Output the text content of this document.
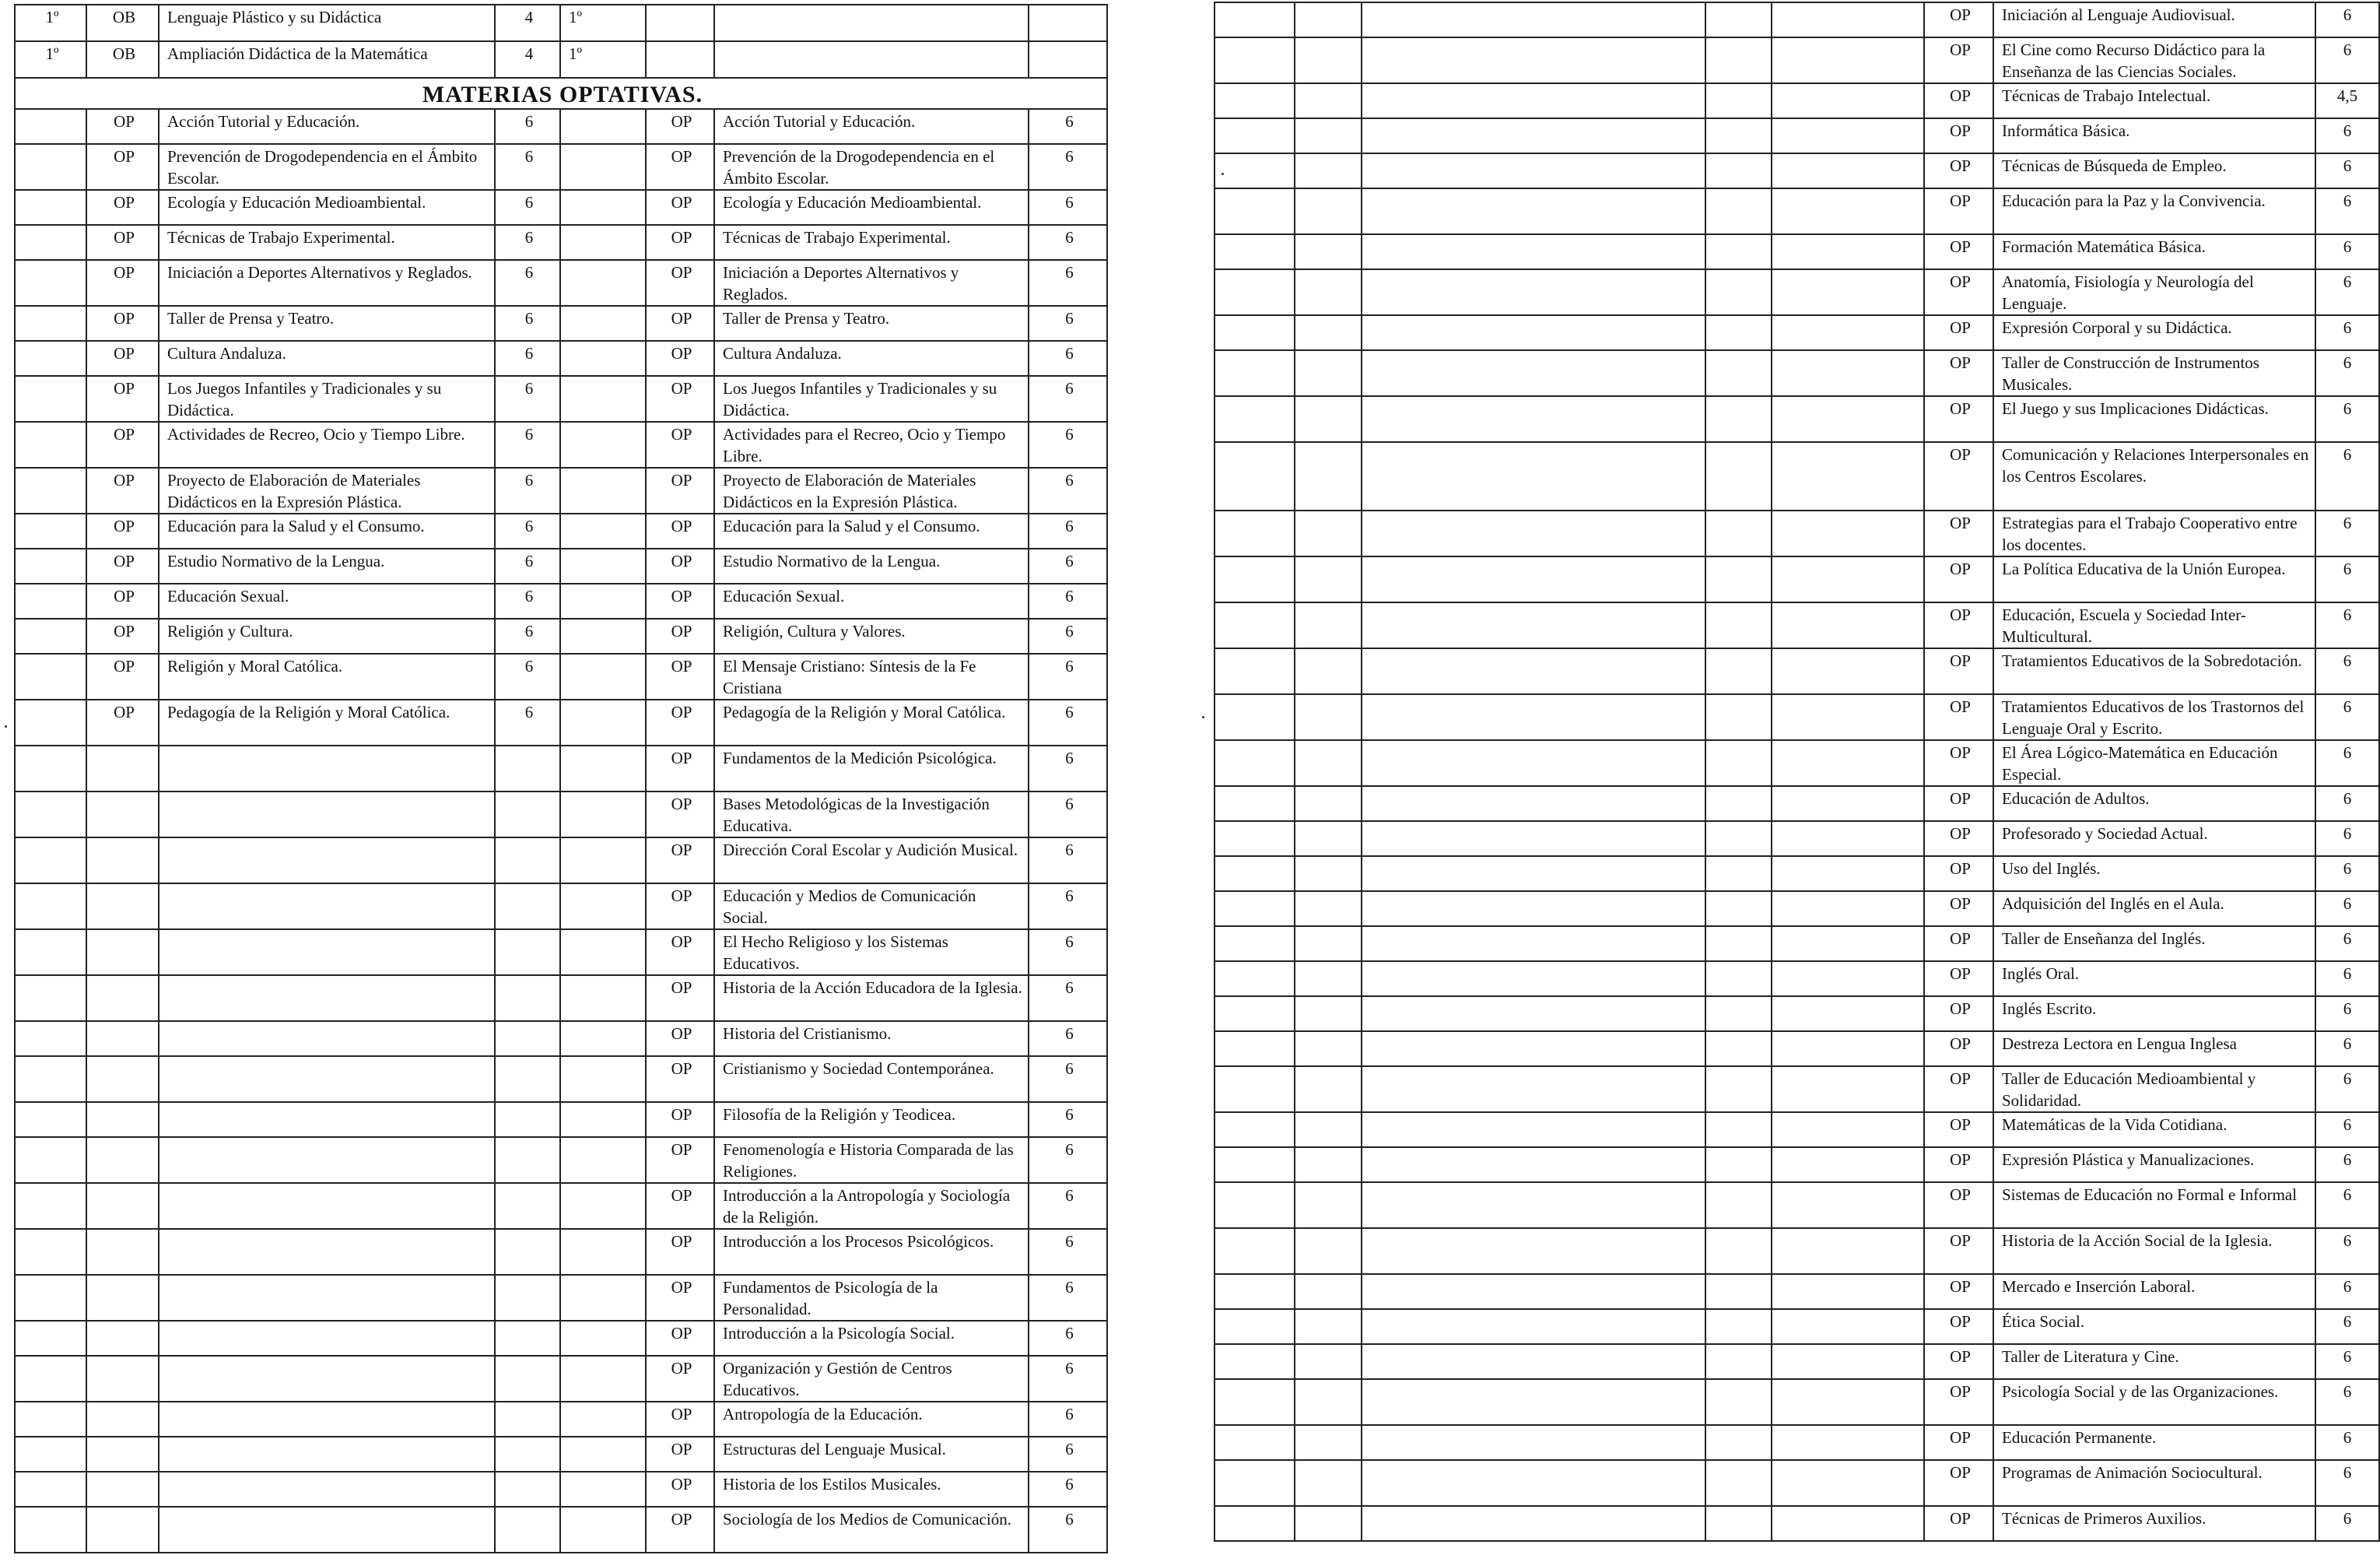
1º	OB	Lenguaje Plástico y su Didáctica	4	1º			
1º	OB	Ampliación Didáctica de la Matemática	4	1º			
MATERIAS OPTATIVAS.							
	OP	Acción Tutorial y Educación.	6		OP	Acción Tutorial y Educación.	6
	OP	Prevención de Drogodependencia en el Ámbito Escolar.	6		OP	Prevención de la Drogodependencia en el Ámbito Escolar.	6
	OP	Ecología y Educación Medioambiental.	6		OP	Ecología y Educación Medioambiental.	6
	OP	Técnicas de Trabajo Experimental.	6		OP	Técnicas de Trabajo Experimental.	6
	OP	Iniciación a Deportes Alternativos y Reglados.	6		OP	Iniciación a Deportes Alternativos y Reglados.	6
	OP	Taller de Prensa y Teatro.	6		OP	Taller de Prensa y Teatro.	6
	OP	Cultura Andaluza.	6		OP	Cultura Andaluza.	6
	OP	Los Juegos Infantiles y Tradicionales y su Didáctica.	6		OP	Los Juegos Infantiles y Tradicionales y su Didáctica.	6
	OP	Actividades de Recreo, Ocio y Tiempo Libre.	6		OP	Actividades para el Recreo, Ocio y Tiempo Libre.	6
	OP	Proyecto de Elaboración de Materiales Didácticos en la Expresión Plástica.	6		OP	Proyecto de Elaboración de Materiales Didácticos en la Expresión Plástica.	6
	OP	Educación para la Salud y el Consumo.	6		OP	Educación para la Salud y el Consumo.	6
	OP	Estudio Normativo de la Lengua.	6		OP	Estudio Normativo de la Lengua.	6
	OP	Educación Sexual.	6		OP	Educación Sexual.	6
	OP	Religión y Cultura.	6		OP	Religión, Cultura y Valores.	6
	OP	Religión y Moral Católica.	6		OP	El Mensaje Cristiano: Síntesis de la Fe Cristiana	6
	OP	Pedagogía de la Religión y Moral Católica.	6		OP	Pedagogía de la Religión y Moral Católica.	6
					OP	Fundamentos de la Medición Psicológica.	6
					OP	Bases Metodológicas de la Investigación Educativa.	6
					OP	Dirección Coral Escolar y Audición Musical.	6
					OP	Educación y Medios de Comunicación Social.	6
					OP	El Hecho Religioso y los Sistemas Educativos.	6
					OP	Historia de la Acción Educadora de la Iglesia.	6
					OP	Historia del Cristianismo.	6
					OP	Cristianismo y Sociedad Contemporánea.	6
					OP	Filosofía de la Religión y Teodicea.	6
					OP	Fenomenología e Historia Comparada de las Religiones.	6
					OP	Introducción a la Antropología y Sociología de la Religión.	6
					OP	Introducción a los Procesos Psicológicos.	6
					OP	Fundamentos de Psicología de la Personalidad.	6
					OP	Introducción a la Psicología Social.	6
					OP	Organización y Gestión de Centros Educativos.	6
					OP	Antropología de la Educación.	6
					OP	Estructuras del Lenguaje Musical.	6
					OP	Historia de los Estilos Musicales.	6
					OP	Sociología de los Medios de Comunicación.	6
					OP	Iniciación al Lenguaje Audiovisual.	6
					OP	El Cine como Recurso Didáctico para la Enseñanza de las Ciencias Sociales.	6
					OP	Técnicas de Trabajo Intelectual.	4,5
					OP	Informática Básica.	6
					OP	Técnicas de Búsqueda de Empleo.	6
					OP	Educación para la Paz y la Convivencia.	6
					OP	Formación Matemática Básica.	6
					OP	Anatomía, Fisiología y Neurología del Lenguaje.	6
					OP	Expresión Corporal y su Didáctica.	6
					OP	Taller de Construcción de Instrumentos Musicales.	6
					OP	El Juego y sus Implicaciones Didácticas.	6
					OP	Comunicación y Relaciones Interpersonales en los Centros Escolares.	6
					OP	Estrategias para el Trabajo Cooperativo entre los docentes.	6
					OP	La Política Educativa de la Unión Europea.	6
					OP	Educación, Escuela y Sociedad Inter-Multicultural.	6
					OP	Tratamientos Educativos de la Sobredotación.	6
					OP	Tratamientos Educativos de los Trastornos del Lenguaje Oral y Escrito.	6
					OP	El Área Lógico-Matemática en Educación Especial.	6
					OP	Educación de Adultos.	6
					OP	Profesorado y Sociedad Actual.	6
					OP	Uso del Inglés.	6
					OP	Adquisición del Inglés en el Aula.	6
					OP	Taller de Enseñanza del Inglés.	6
					OP	Inglés Oral.	6
					OP	Inglés Escrito.	6
					OP	Destreza Lectora en Lengua Inglesa	6
					OP	Taller de Educación Medioambiental y Solidaridad.	6
					OP	Matemáticas de la Vida Cotidiana.	6
					OP	Expresión Plástica y Manualizaciones.	6
					OP	Sistemas de Educación no Formal e Informal	6
					OP	Historia de la Acción Social de la Iglesia.	6
					OP	Mercado e Inserción Laboral.	6
					OP	Ética Social.	6
					OP	Taller de Literatura y Cine.	6
					OP	Psicología Social y de las Organizaciones.	6
					OP	Educación Permanente.	6
					OP	Programas de Animación Sociocultural.	6
					OP	Técnicas de Primeros Auxilios.	6
